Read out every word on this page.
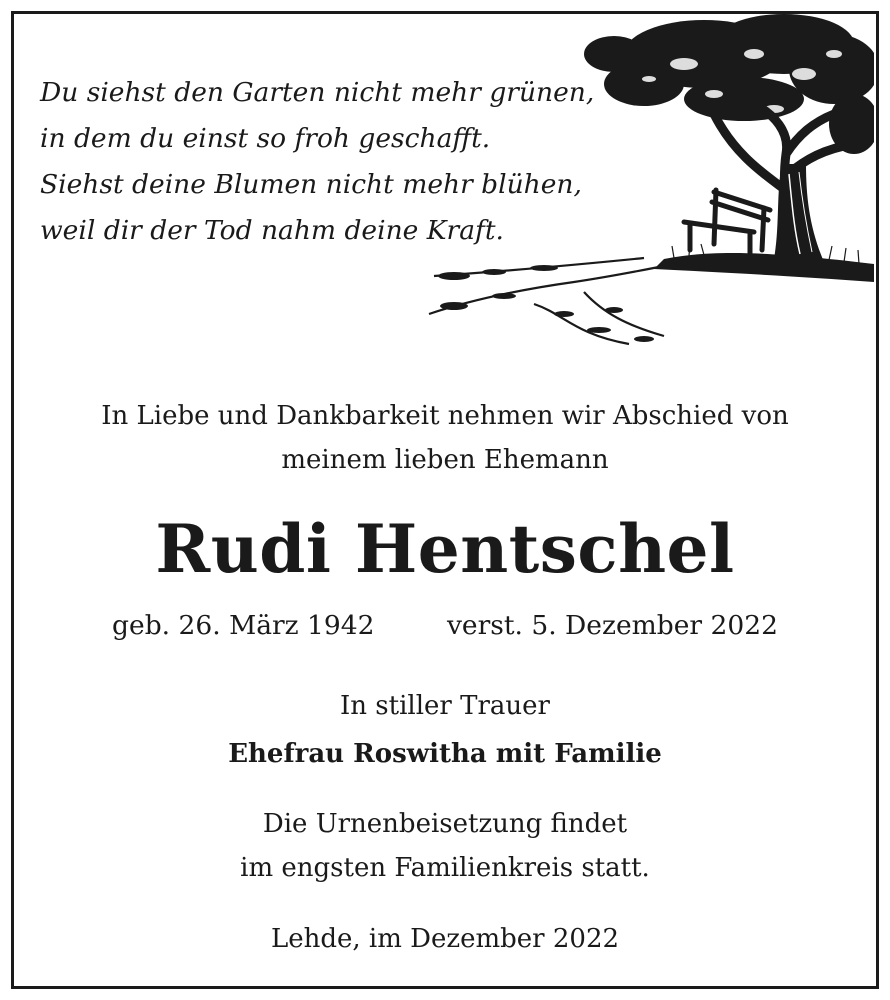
Du siehst den Garten nicht mehr grünen,
in dem du einst so froh geschafft.
Siehst deine Blumen nicht mehr blühen,
weil dir der Tod nahm deine Kraft.
In Liebe und Dankbarkeit nehmen wir Abschied von
meinem lieben Ehemann
Rudi Hentschel
geb. 26. März 1942	verst. 5. Dezember 2022
In stiller Trauer
Ehefrau Roswitha mit Familie
Die Urnenbeisetzung findet
im engsten Familienkreis statt.
Lehde, im Dezember 2022
